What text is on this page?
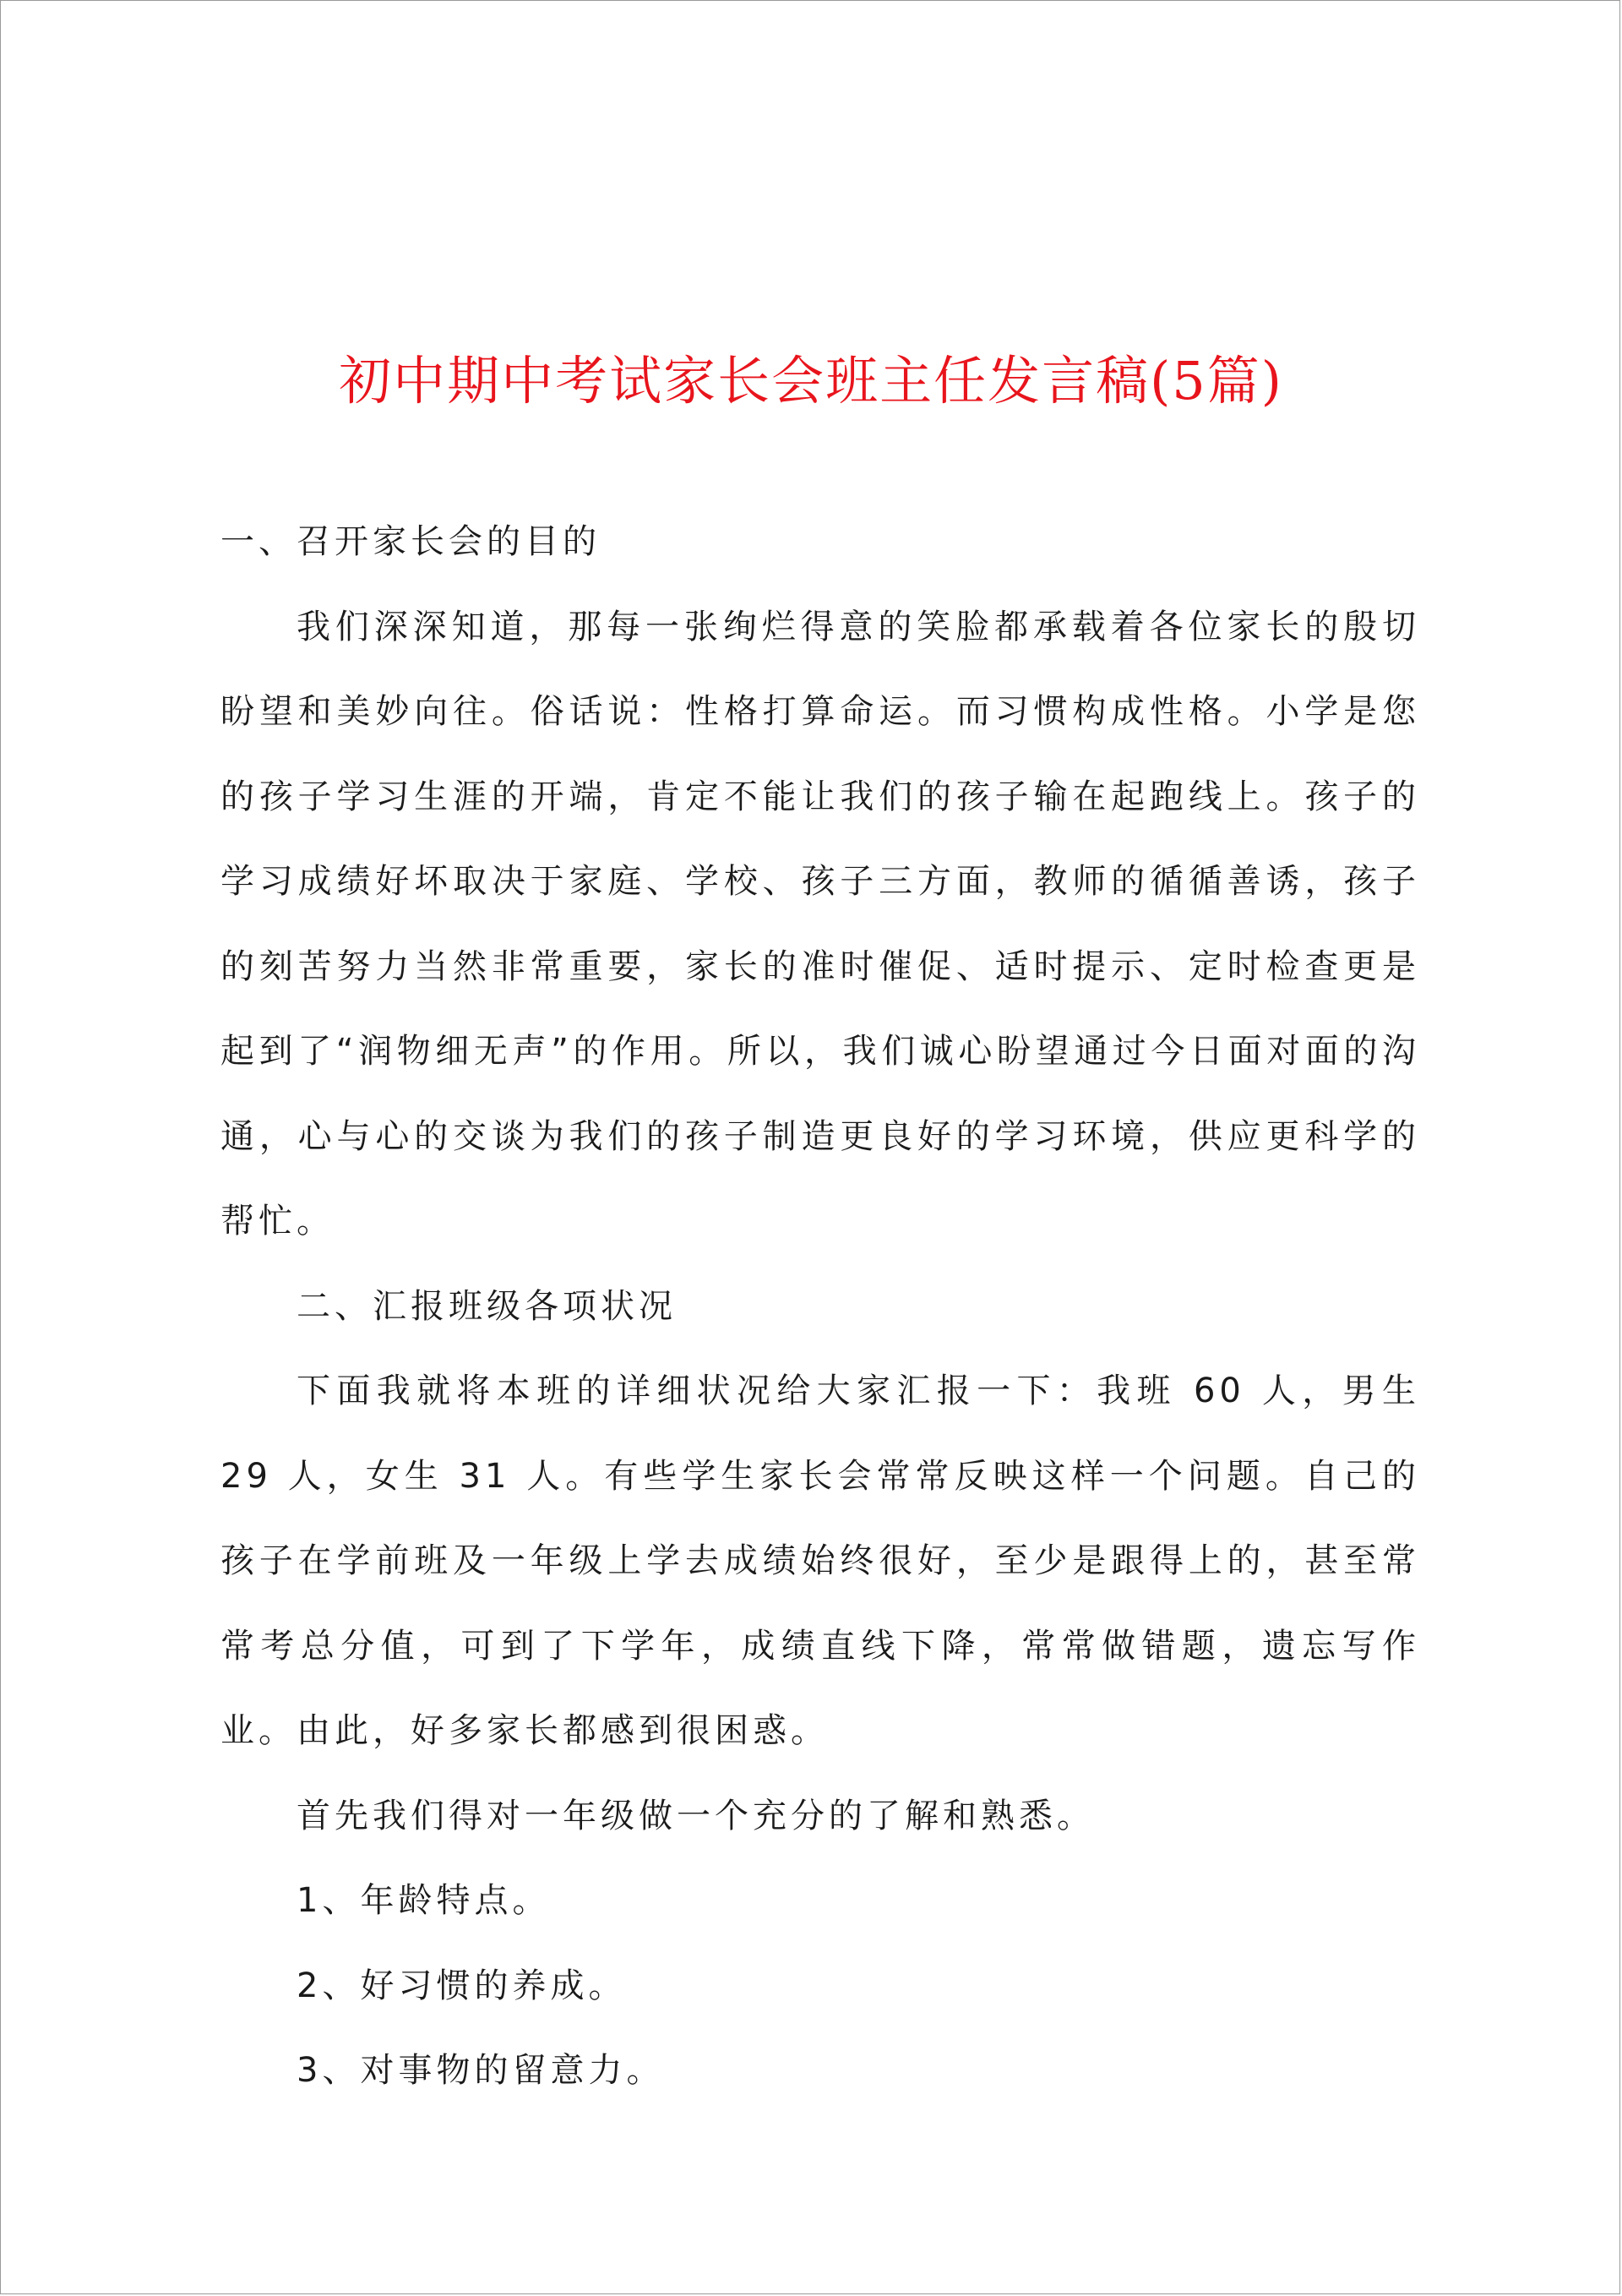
初中期中考试家长会班主任发言稿(5篇)

一、召开家长会的目的

我们深深知道，那每一张绚烂得意的笑脸都承载着各位家长的殷切盼望和美妙向往。俗话说：性格打算命运。而习惯构成性格。小学是您的孩子学习生涯的开端，肯定不能让我们的孩子输在起跑线上。孩子的学习成绩好坏取决于家庭、学校、孩子三方面，教师的循循善诱，孩子的刻苦努力当然非常重要，家长的准时催促、适时提示、定时检查更是起到了“润物细无声”的作用。所以，我们诚心盼望通过今日面对面的沟通，心与心的交谈为我们的孩子制造更良好的学习环境，供应更科学的帮忙。

二、汇报班级各项状况

下面我就将本班的详细状况给大家汇报一下：我班 60 人，男生 29 人，女生 31 人。有些学生家长会常常反映这样一个问题。自己的孩子在学前班及一年级上学去成绩始终很好，至少是跟得上的，甚至常常考总分值，可到了下学年，成绩直线下降，常常做错题，遗忘写作业。由此，好多家长都感到很困惑。

首先我们得对一年级做一个充分的了解和熟悉。

1、年龄特点。

2、好习惯的养成。

3、对事物的留意力。
